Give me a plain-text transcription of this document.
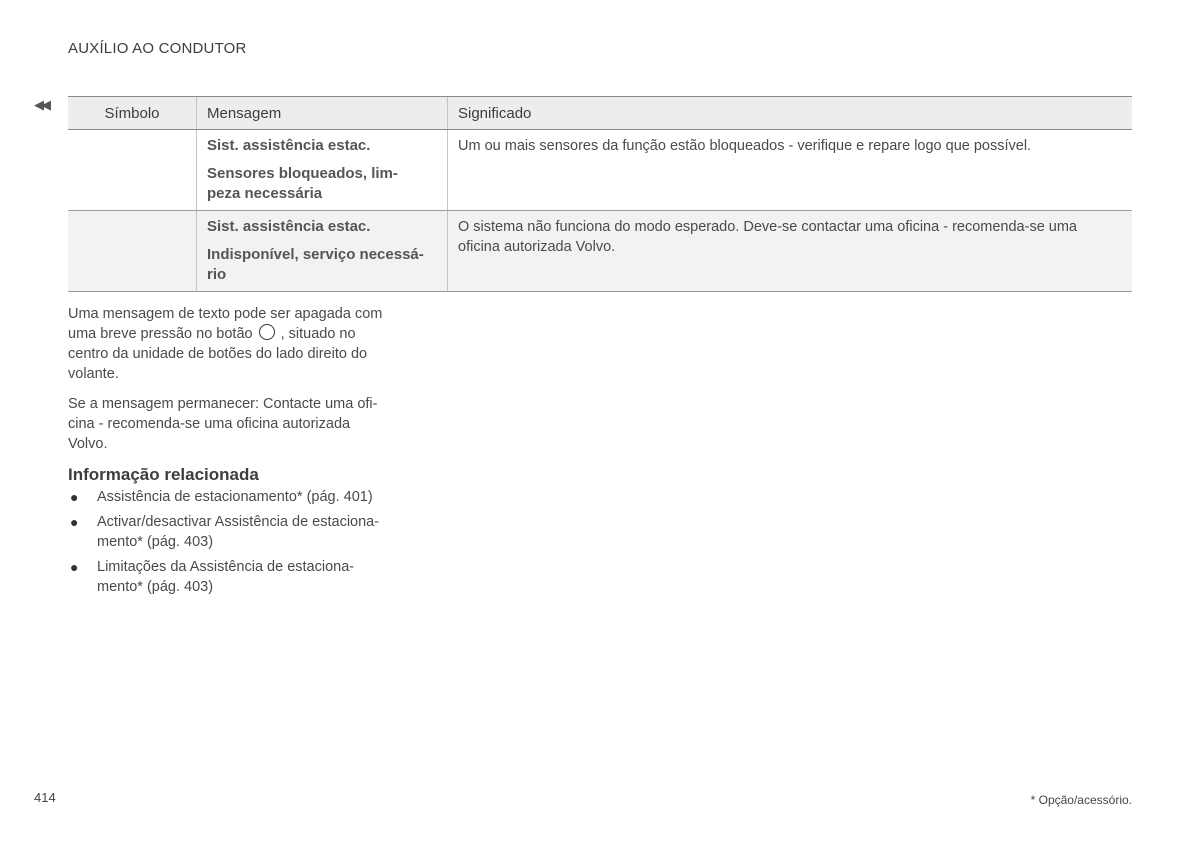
AUXÍLIO AO CONDUTOR
◀◀	Símbolo	Mensagem	Significado

	Sist. assistência estac.
Sensores bloqueados, lim-
peza necessária	Um ou mais sensores da função estão bloqueados - verifique e repare logo que possível.

	Sist. assistência estac.
Indisponível, serviço necessá-
rio	O sistema não funciona do modo esperado. Deve-se contactar uma oficina - recomenda-se uma oficina autorizada Volvo.
Uma mensagem de texto pode ser apagada com uma breve pressão no botão , situado no centro da unidade de botões do lado direito do volante.
Se a mensagem permanecer: Contacte uma ofi-
cina - recomenda-se uma oficina autorizada
Volvo.
Informação relacionada
● Assistência de estacionamento* (pág. 401)
● Activar/desactivar Assistência de estaciona-
mento* (pág. 403)
● Limitações da Assistência de estaciona-
mento* (pág. 403)
414	* Opção/acessório.
